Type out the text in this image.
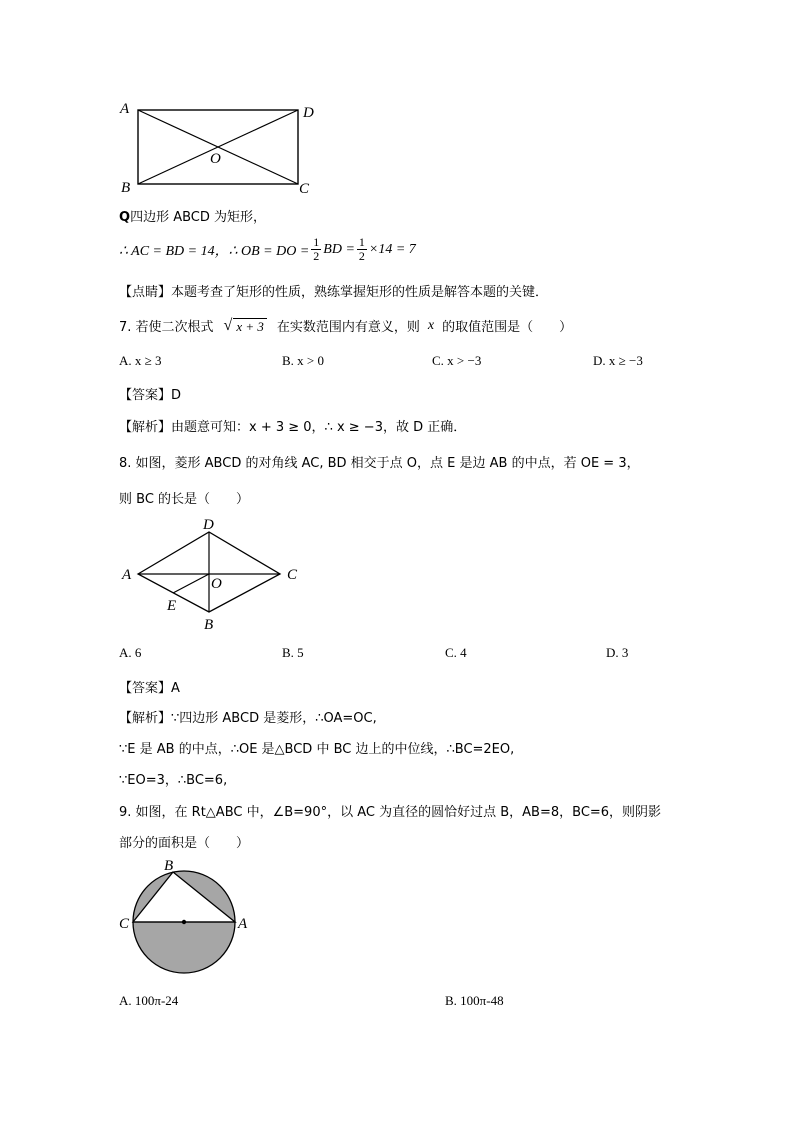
A	D
O
B	C
Q四边形 ABCD 为矩形，
∴ AC = BD = 14，∴ OB = DO = $\frac{1}{2}$ BD = $\frac{1}{2} \times 14 = 7$
【点睛】本题考查了矩形的性质，熟练掌握矩形的性质是解答本题的关键．
7. 若使二次根式 √ x + 3 在实数范围内有意义，则 x 的取值范围是（　　）
A. x ≥ 3	B. x > 0	C. x > −3	D. x ≥ −3
【答案】D
【解析】由题意可知：x + 3 ≥ 0，∴ x ≥ −3，故 D 正确．
8. 如图，菱形 ABCD 的对角线 AC, BD 相交于点 O，点 E 是边 AB 的中点，若 OE = 3，
则 BC 的长是（　　）
D
A	C
O
E
B
A. 6	B. 5	C. 4	D. 3
【答案】A
【解析】∵四边形 ABCD 是菱形，∴OA=OC,
∵E 是 AB 的中点，∴OE 是△BCD 中 BC 边上的中位线，∴BC=2EO,
∵EO=3，∴BC=6,
9. 如图，在 Rt△ABC 中，∠B=90°，以 AC 为直径的圆恰好过点 B，AB=8，BC=6，则阴影
部分的面积是（　　）
B
C	A
A. 100π-24	B. 100π-48
